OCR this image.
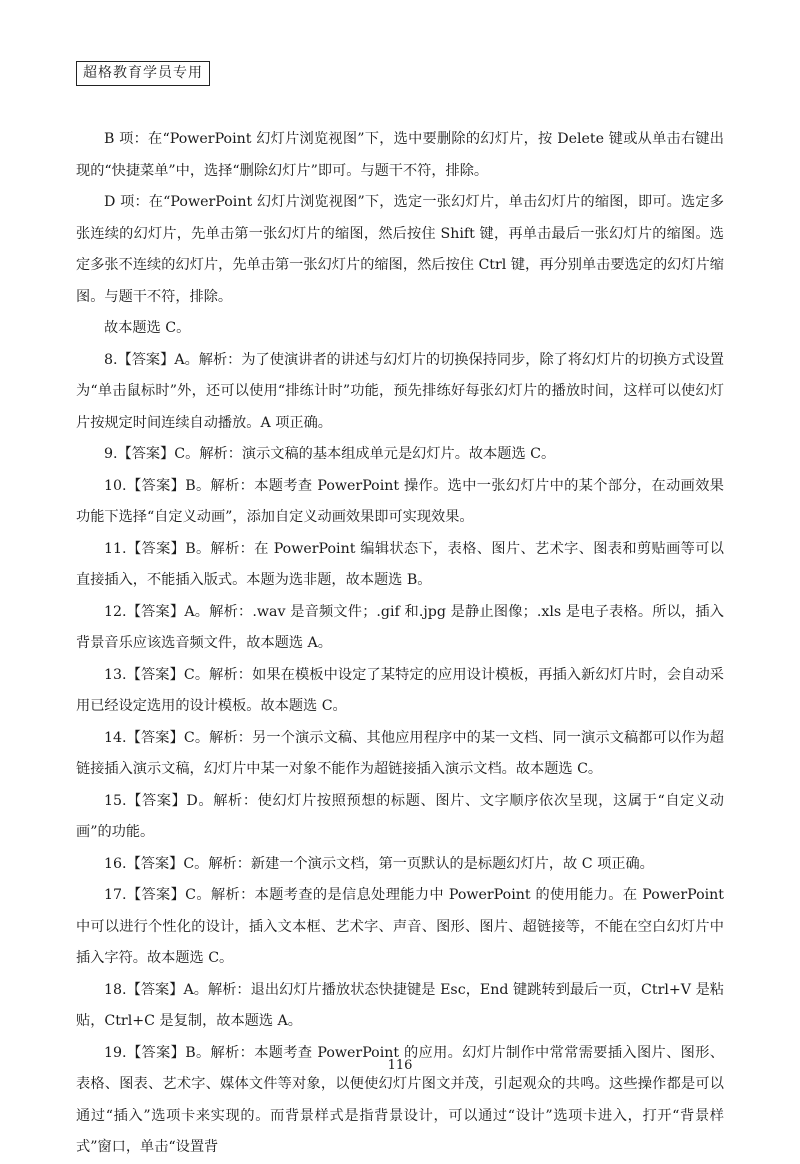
超格教育学员专用

B 项：在“PowerPoint 幻灯片浏览视图”下，选中要删除的幻灯片，按 Delete 键或从单击右键出现的“快捷菜单”中，选择“删除幻灯片”即可。与题干不符，排除。

D 项：在“PowerPoint 幻灯片浏览视图”下，选定一张幻灯片，单击幻灯片的缩图，即可。选定多张连续的幻灯片，先单击第一张幻灯片的缩图，然后按住 Shift 键，再单击最后一张幻灯片的缩图。选定多张不连续的幻灯片，先单击第一张幻灯片的缩图，然后按住 Ctrl 键，再分别单击要选定的幻灯片缩图。与题干不符，排除。

故本题选 C。

8.【答案】A。解析：为了使演讲者的讲述与幻灯片的切换保持同步，除了将幻灯片的切换方式设置为“单击鼠标时”外，还可以使用“排练计时”功能，预先排练好每张幻灯片的播放时间，这样可以使幻灯片按规定时间连续自动播放。A 项正确。

9.【答案】C。解析：演示文稿的基本组成单元是幻灯片。故本题选 C。

10.【答案】B。解析：本题考查 PowerPoint 操作。选中一张幻灯片中的某个部分，在动画效果功能下选择“自定义动画”，添加自定义动画效果即可实现效果。

11.【答案】B。解析：在 PowerPoint 编辑状态下，表格、图片、艺术字、图表和剪贴画等可以直接插入，不能插入版式。本题为选非题，故本题选 B。

12.【答案】A。解析：.wav 是音频文件；.gif 和.jpg 是静止图像；.xls 是电子表格。所以，插入背景音乐应该选音频文件，故本题选 A。

13.【答案】C。解析：如果在模板中设定了某特定的应用设计模板，再插入新幻灯片时，会自动采用已经设定选用的设计模板。故本题选 C。

14.【答案】C。解析：另一个演示文稿、其他应用程序中的某一文档、同一演示文稿都可以作为超链接插入演示文稿，幻灯片中某一对象不能作为超链接插入演示文档。故本题选 C。

15.【答案】D。解析：使幻灯片按照预想的标题、图片、文字顺序依次呈现，这属于“自定义动画”的功能。

16.【答案】C。解析：新建一个演示文档，第一页默认的是标题幻灯片，故 C 项正确。

17.【答案】C。解析：本题考查的是信息处理能力中 PowerPoint 的使用能力。在 PowerPoint 中可以进行个性化的设计，插入文本框、艺术字、声音、图形、图片、超链接等，不能在空白幻灯片中插入字符。故本题选 C。

18.【答案】A。解析：退出幻灯片播放状态快捷键是 Esc，End 键跳转到最后一页，Ctrl+V 是粘贴，Ctrl+C 是复制，故本题选 A。

19.【答案】B。解析：本题考查 PowerPoint 的应用。幻灯片制作中常常需要插入图片、图形、表格、图表、艺术字、媒体文件等对象，以便使幻灯片图文并茂，引起观众的共鸣。这些操作都是可以通过“插入”选项卡来实现的。而背景样式是指背景设计，可以通过“设计”选项卡进入，打开“背景样式”窗口，单击“设置背

116
